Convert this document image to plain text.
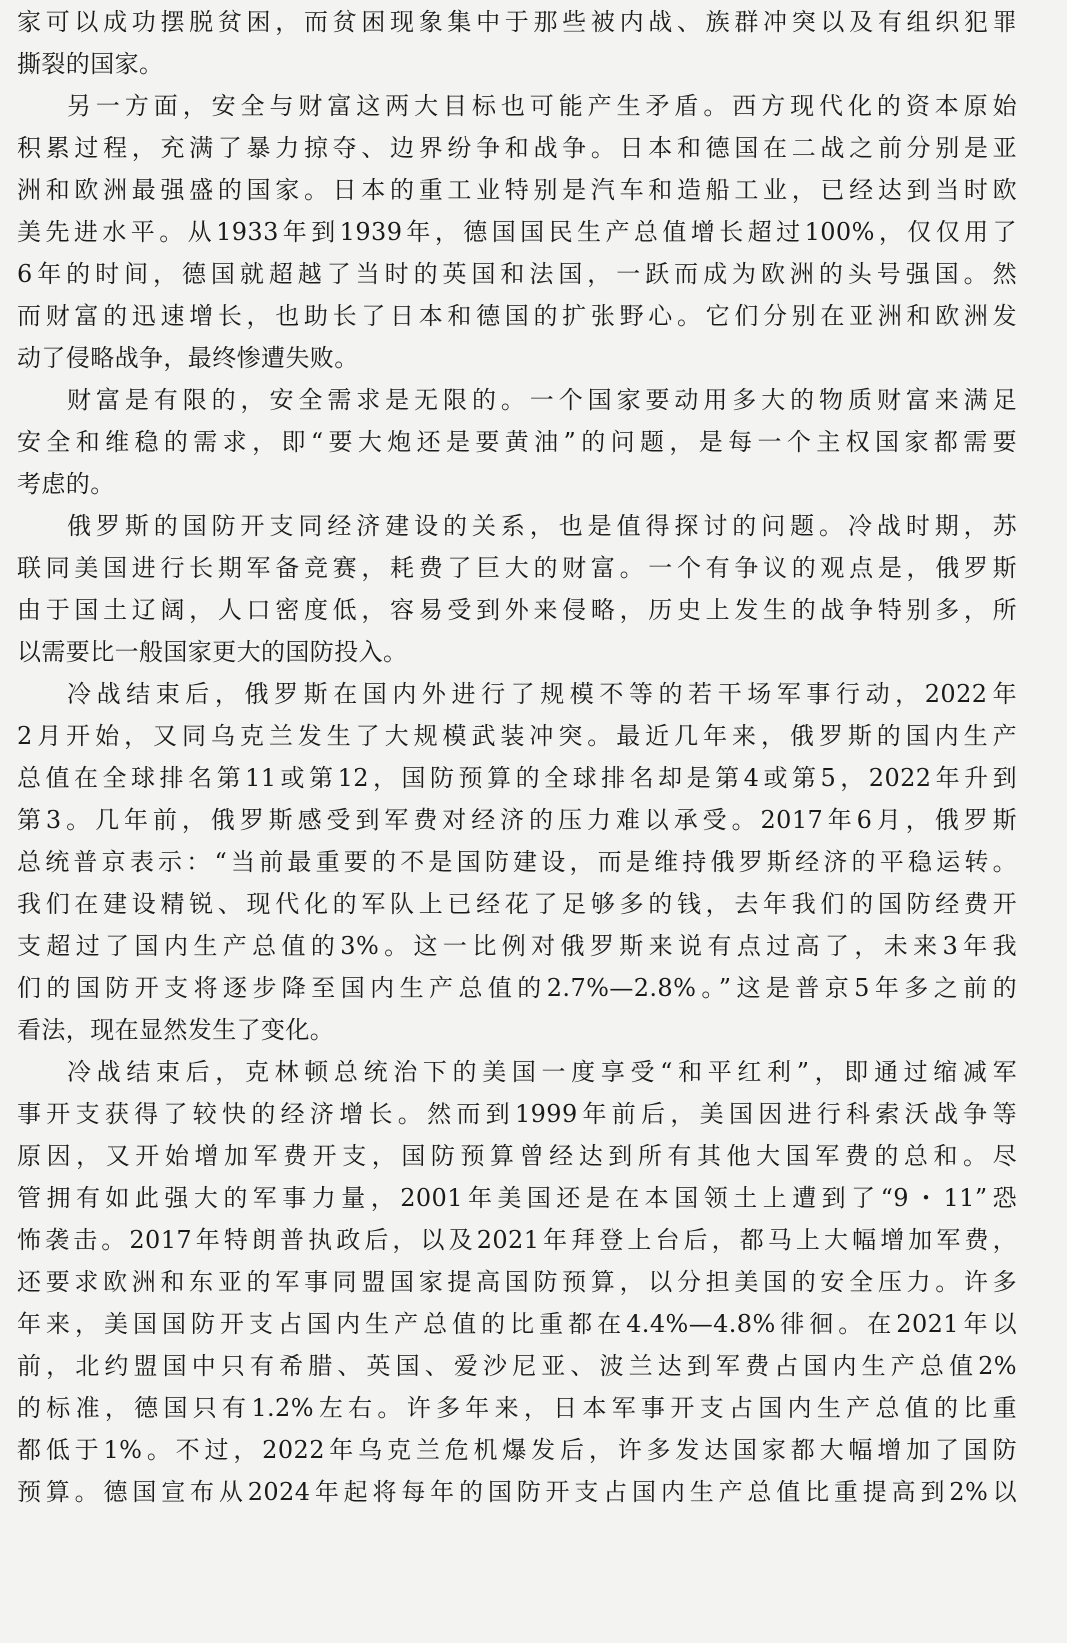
家可以成功摆脱贫困，而贫困现象集中于那些被内战、族群冲突以及有组织犯罪
撕裂的国家。
另一方面，安全与财富这两大目标也可能产生矛盾。西方现代化的资本原始
积累过程，充满了暴力掠夺、边界纷争和战争。日本和德国在二战之前分别是亚
洲和欧洲最强盛的国家。日本的重工业特别是汽车和造船工业，已经达到当时欧
美先进水平。从1933年到1939年，德国国民生产总值增长超过100%，仅仅用了
6年的时间，德国就超越了当时的英国和法国，一跃而成为欧洲的头号强国。然
而财富的迅速增长，也助长了日本和德国的扩张野心。它们分别在亚洲和欧洲发
动了侵略战争，最终惨遭失败。
财富是有限的，安全需求是无限的。一个国家要动用多大的物质财富来满足
安全和维稳的需求，即“要大炮还是要黄油”的问题，是每一个主权国家都需要
考虑的。
俄罗斯的国防开支同经济建设的关系，也是值得探讨的问题。冷战时期，苏
联同美国进行长期军备竞赛，耗费了巨大的财富。一个有争议的观点是，俄罗斯
由于国土辽阔，人口密度低，容易受到外来侵略，历史上发生的战争特别多，所
以需要比一般国家更大的国防投入。
冷战结束后，俄罗斯在国内外进行了规模不等的若干场军事行动，2022年
2月开始，又同乌克兰发生了大规模武装冲突。最近几年来，俄罗斯的国内生产
总值在全球排名第11或第12，国防预算的全球排名却是第4或第5，2022年升到
第3。几年前，俄罗斯感受到军费对经济的压力难以承受。2017年6月，俄罗斯
总统普京表示：“当前最重要的不是国防建设，而是维持俄罗斯经济的平稳运转。
我们在建设精锐、现代化的军队上已经花了足够多的钱，去年我们的国防经费开
支超过了国内生产总值的3%。这一比例对俄罗斯来说有点过高了，未来3年我
们的国防开支将逐步降至国内生产总值的2.7%—2.8%。”这是普京5年多之前的
看法，现在显然发生了变化。
冷战结束后，克林顿总统治下的美国一度享受“和平红利”，即通过缩减军
事开支获得了较快的经济增长。然而到1999年前后，美国因进行科索沃战争等
原因，又开始增加军费开支，国防预算曾经达到所有其他大国军费的总和。尽
管拥有如此强大的军事力量，2001年美国还是在本国领土上遭到了“9・11”恐
怖袭击。2017年特朗普执政后，以及2021年拜登上台后，都马上大幅增加军费，
还要求欧洲和东亚的军事同盟国家提高国防预算，以分担美国的安全压力。许多
年来，美国国防开支占国内生产总值的比重都在4.4%—4.8%徘徊。在2021年以
前，北约盟国中只有希腊、英国、爱沙尼亚、波兰达到军费占国内生产总值2%
的标准，德国只有1.2%左右。许多年来，日本军事开支占国内生产总值的比重
都低于1%。不过，2022年乌克兰危机爆发后，许多发达国家都大幅增加了国防
预算。德国宣布从2024年起将每年的国防开支占国内生产总值比重提高到2%以
